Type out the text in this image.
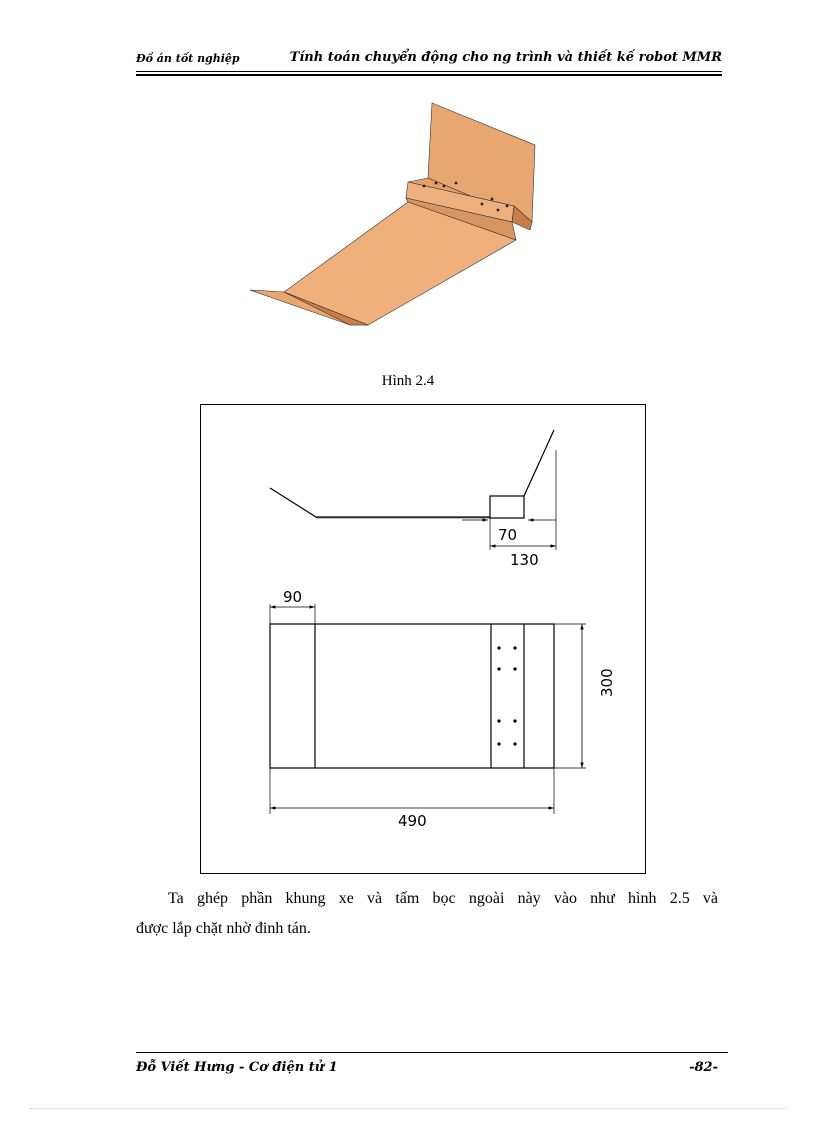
Đồ án tốt nghiệp	Tính toán chuyển động cho ng trình và thiết kế robot MMR
Hình 2.4
70
130
90
300
490
Ta ghép phần khung xe và tấm bọc ngoài này vào như hình 2.5 và
được lắp chặt nhờ đinh tán.
Đỗ Viết Hưng - Cơ điện tử 1	-82-
